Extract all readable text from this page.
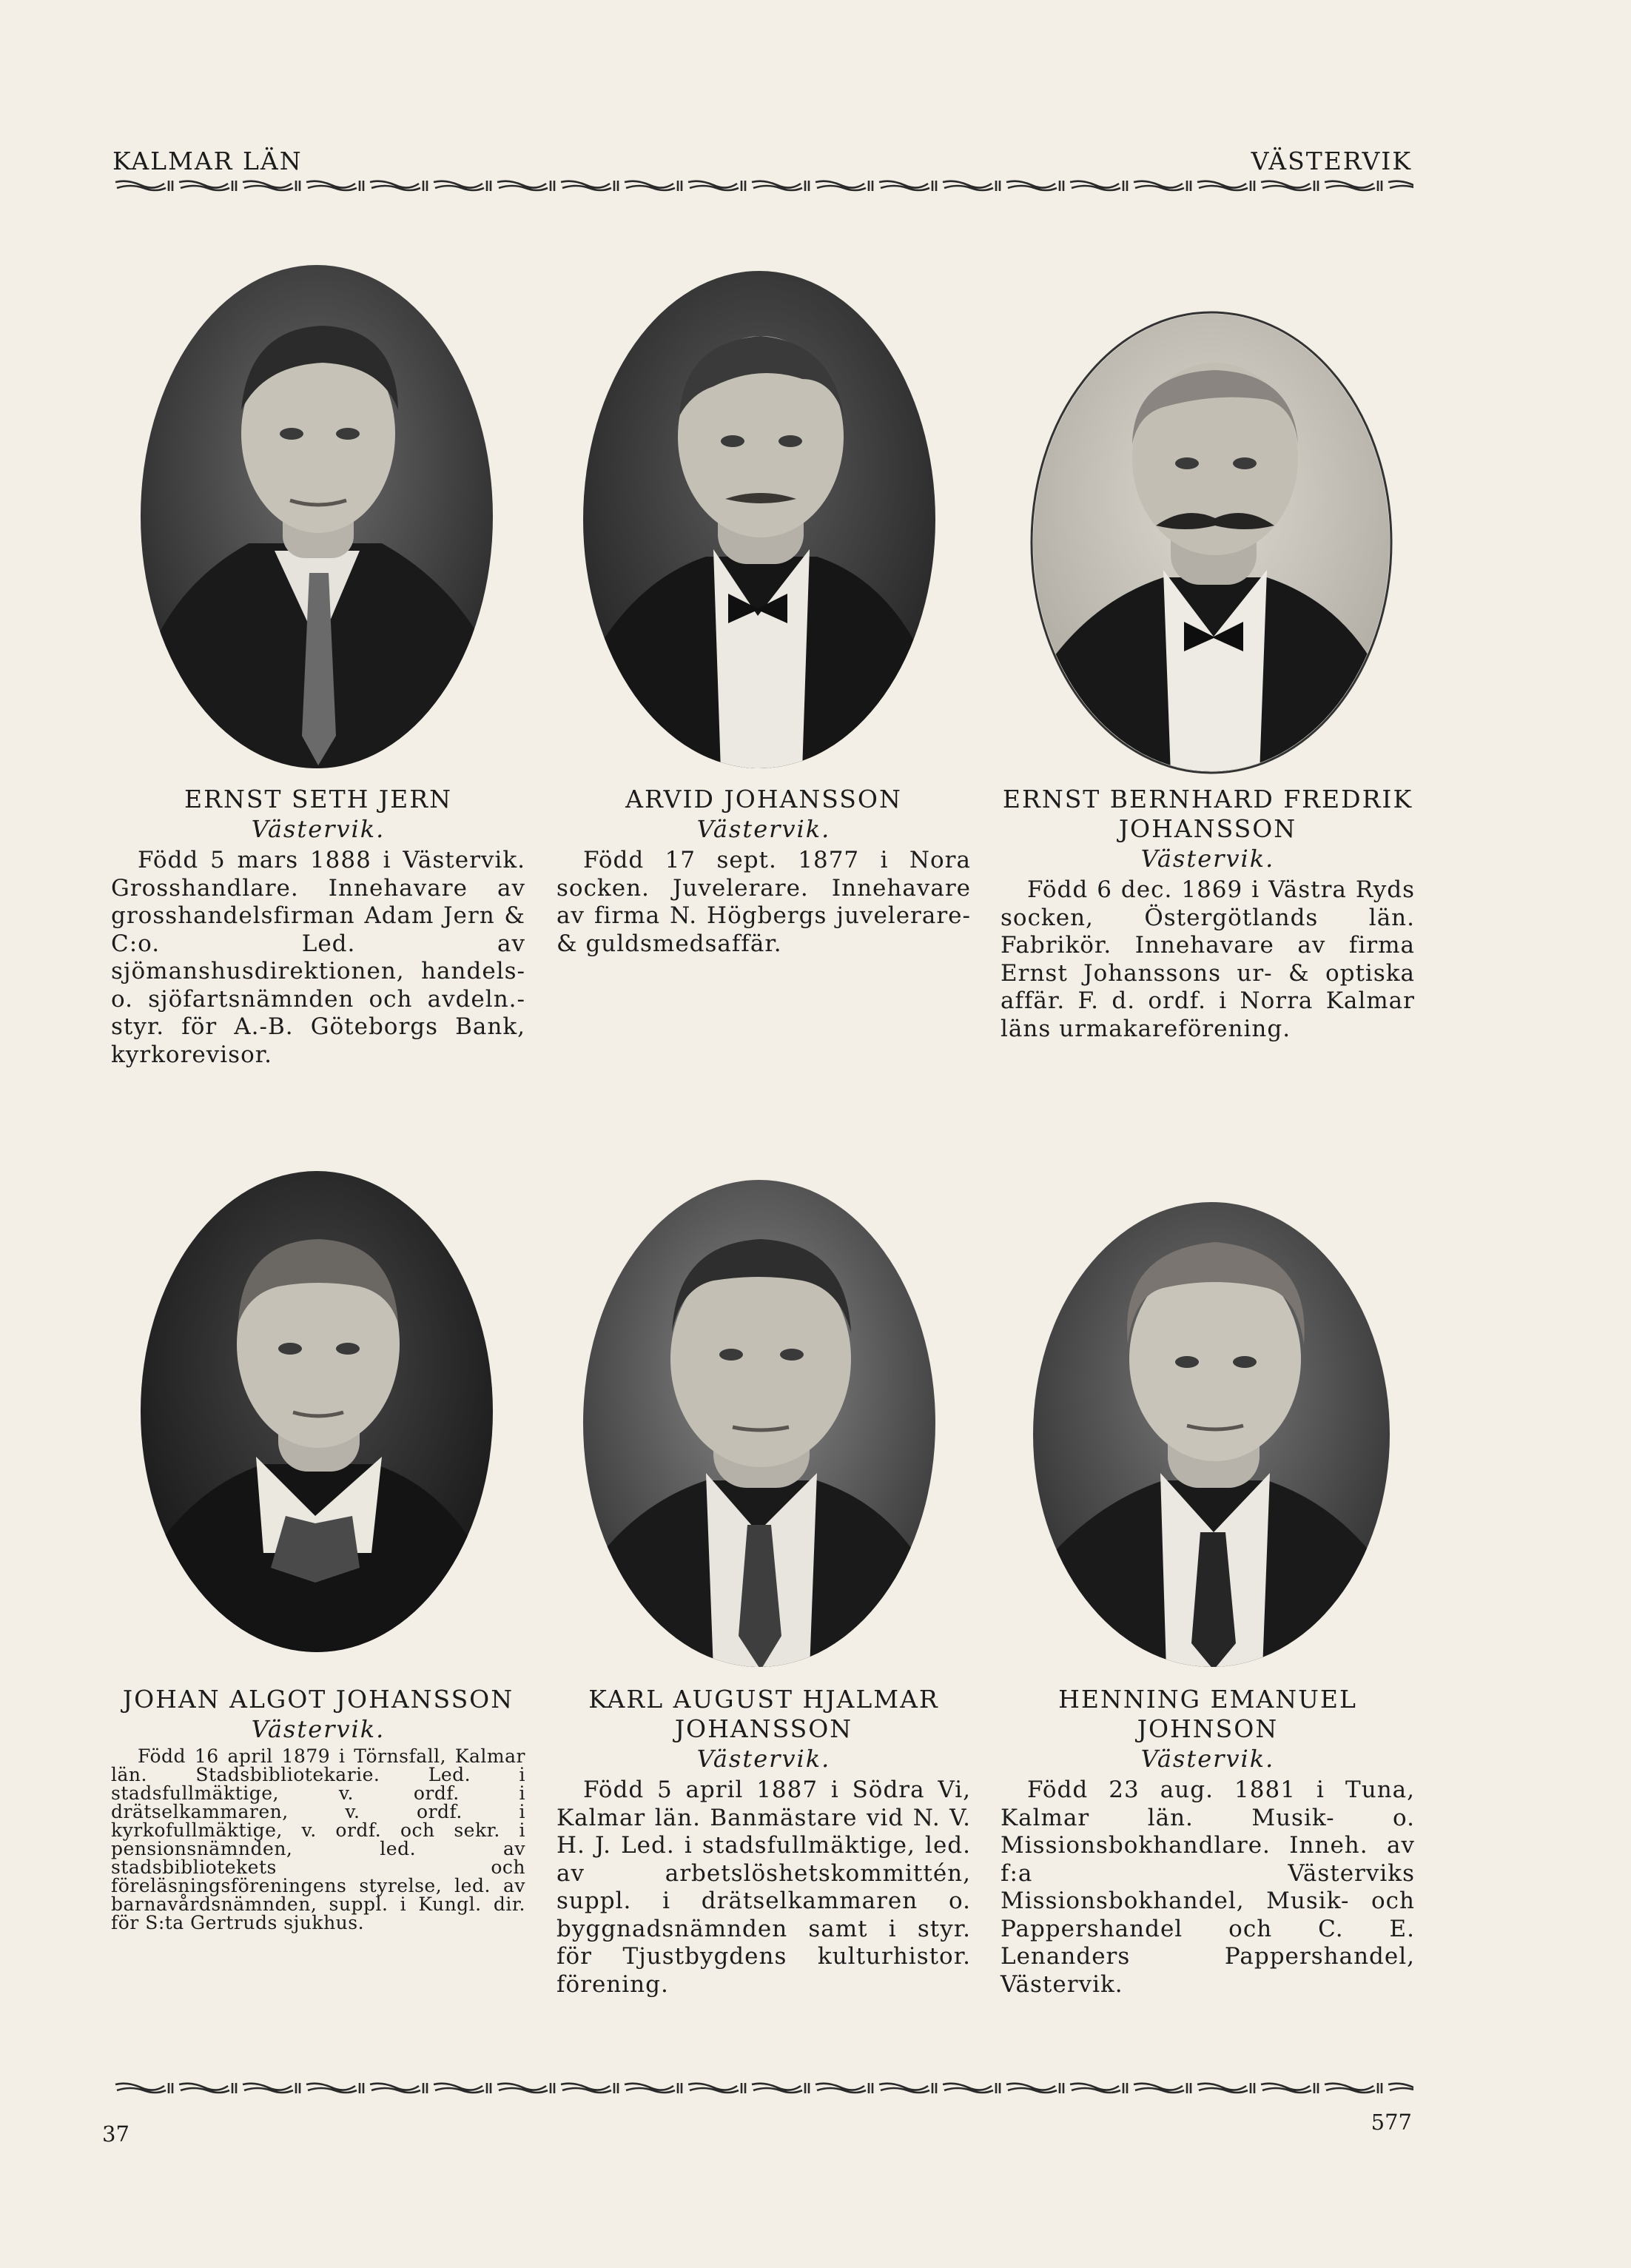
KALMAR LÄN	VÄSTERVIK

ERNST SETH JERN

Västervik.

Född 5 mars 1888 i Västervik. Grosshandlare. Innehavare av grosshandelsfirman Adam Jern & C:o. Led. av sjömanshusdirektionen, handels- o. sjöfartsnämnden och avdeln.-styr. för A.-B. Göteborgs Bank, kyrkorevisor.

ARVID JOHANSSON

Västervik.

Född 17 sept. 1877 i Nora socken. Juvelerare. Innehavare av firma N. Högbergs juvelerare- & guldsmedsaffär.

ERNST BERNHARD FREDRIK JOHANSSON

Västervik.

Född 6 dec. 1869 i Västra Ryds socken, Östergötlands län. Fabrikör. Innehavare av firma Ernst Johanssons ur- & optiska affär. F. d. ordf. i Norra Kalmar läns urmakareförening.

JOHAN ALGOT JOHANSSON

Västervik.

Född 16 april 1879 i Törnsfall, Kalmar län. Stadsbibliotekarie. Led. i stadsfullmäktige, v. ordf. i drätselkammaren, v. ordf. i kyrkofullmäktige, v. ordf. och sekr. i pensionsnämnden, led. av stadsbibliotekets och föreläsningsföreningens styrelse, led. av barnavårdsnämnden, suppl. i Kungl. dir. för S:ta Gertruds sjukhus.

KARL AUGUST HJALMAR JOHANSSON

Västervik.

Född 5 april 1887 i Södra Vi, Kalmar län. Banmästare vid N. V. H. J. Led. i stadsfullmäktige, led. av arbetslöshetskommittén, suppl. i drätselkammaren o. byggnadsnämnden samt i styr. för Tjustbygdens kulturhistor. förening.

HENNING EMANUEL JOHNSON

Västervik.

Född 23 aug. 1881 i Tuna, Kalmar län. Musik- o. Missionsbokhandlare. Inneh. av f:a Västerviks Missionsbokhandel, Musik- och Pappershandel och C. E. Lenanders Pappershandel, Västervik.

37	577
